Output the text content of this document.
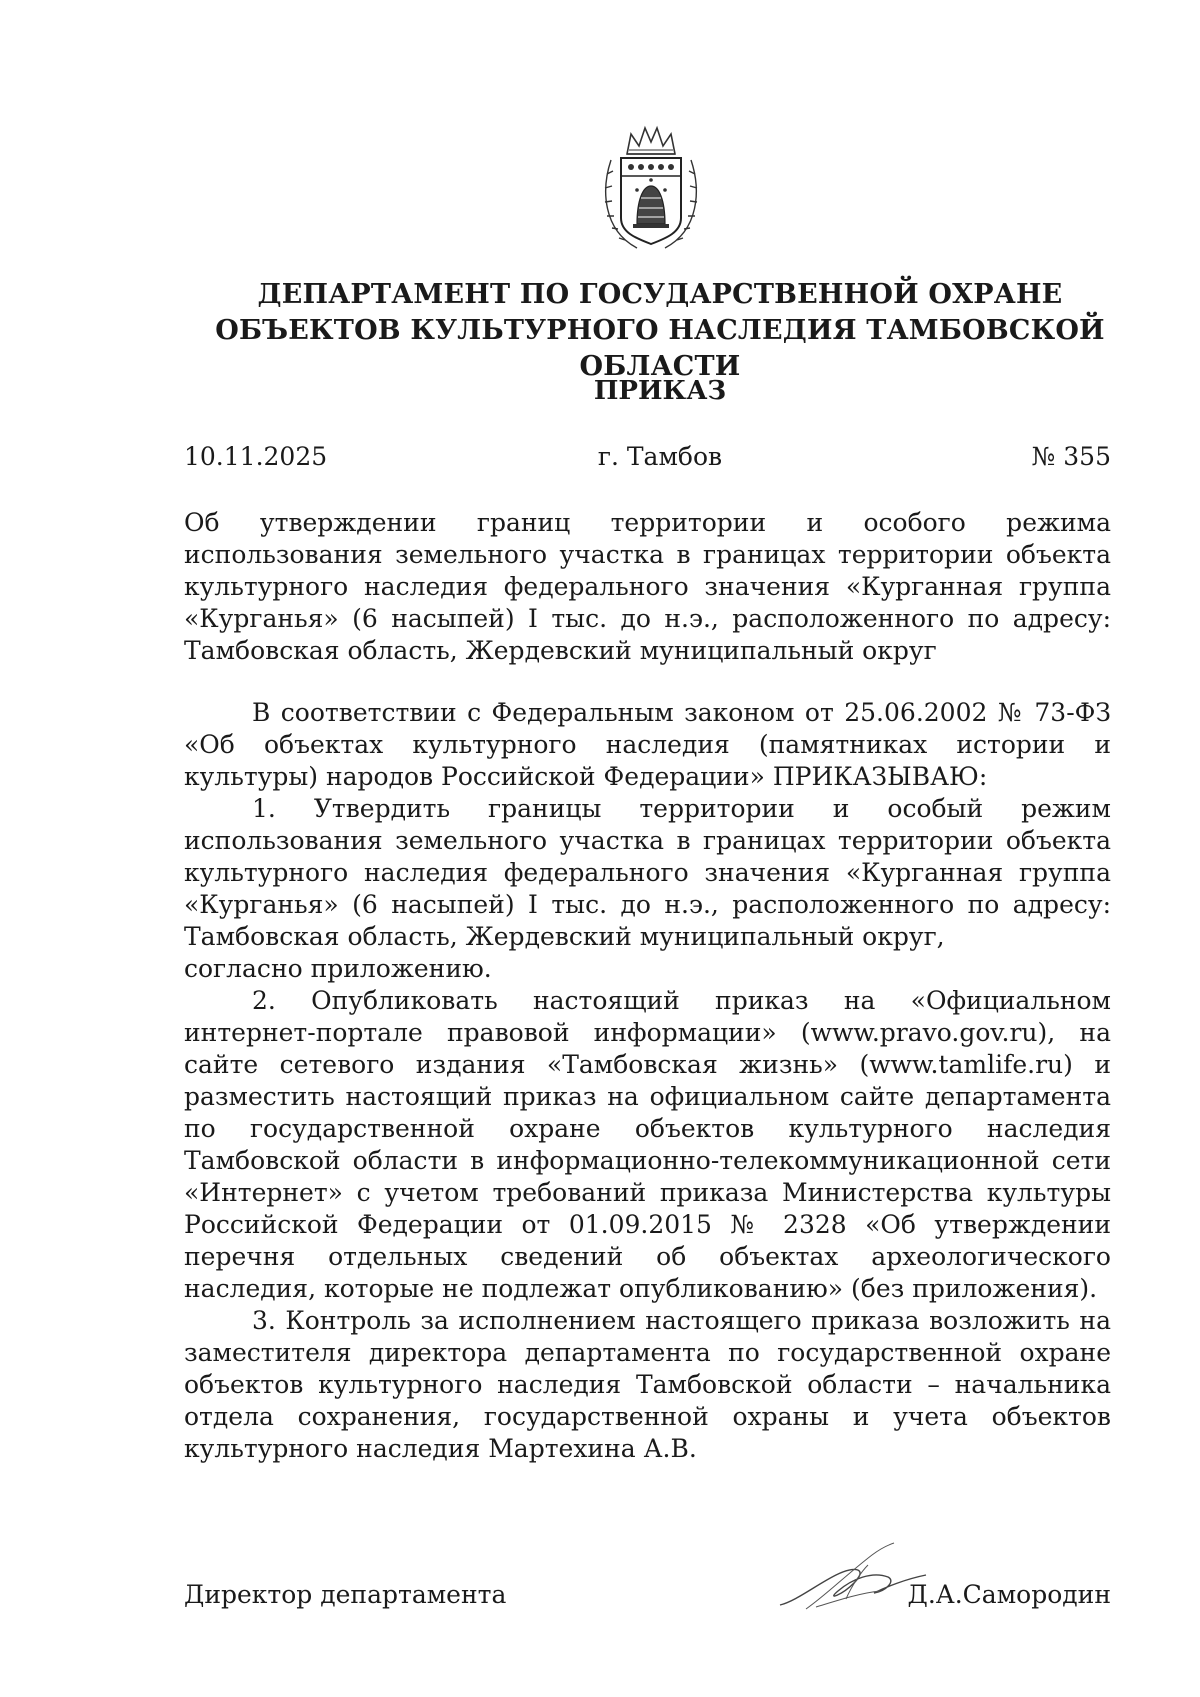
ДЕПАРТАМЕНТ ПО ГОСУДАРСТВЕННОЙ ОХРАНЕ ОБЪЕКТОВ КУЛЬТУРНОГО НАСЛЕДИЯ ТАМБОВСКОЙ ОБЛАСТИ
ПРИКАЗ
10.11.2025	г. Тамбов	№ 355

Об утверждении границ территории и особого режима использования земельного участка в границах территории объекта культурного наследия федерального значения «Курганная группа «Курганья» (6 насыпей) I тыс. до н.э., расположенного по адресу: Тамбовская область, Жердевский муниципальный округ

В соответствии с Федеральным законом от 25.06.2002 № 73-ФЗ «Об объектах культурного наследия (памятниках истории и культуры) народов Российской Федерации» ПРИКАЗЫВАЮ:

1. Утвердить границы территории и особый режим использования земельного участка в границах территории объекта культурного наследия федерального значения «Курганная группа «Курганья» (6 насыпей) I тыс. до н.э., расположенного по адресу: Тамбовская область, Жердевский муниципальный округ,

согласно приложению.

2. Опубликовать настоящий приказ на «Официальном интернет-портале правовой информации» (www.pravo.gov.ru), на сайте сетевого издания «Тамбовская жизнь» (www.tamlife.ru) и разместить настоящий приказ на официальном сайте департамента по государственной охране объектов культурного наследия Тамбовской области в информационно-телекоммуникационной сети «Интернет» с учетом требований приказа Министерства культуры Российской Федерации от 01.09.2015 № 2328 «Об утверждении перечня отдельных сведений об объектах археологического наследия, которые не подлежат опубликованию» (без приложения).

3. Контроль за исполнением настоящего приказа возложить на заместителя директора департамента по государственной охране объектов культурного наследия Тамбовской области – начальника отдела сохранения, государственной охраны и учета объектов культурного наследия Мартехина А.В.

Директор департамента	Д.А.Самородин
